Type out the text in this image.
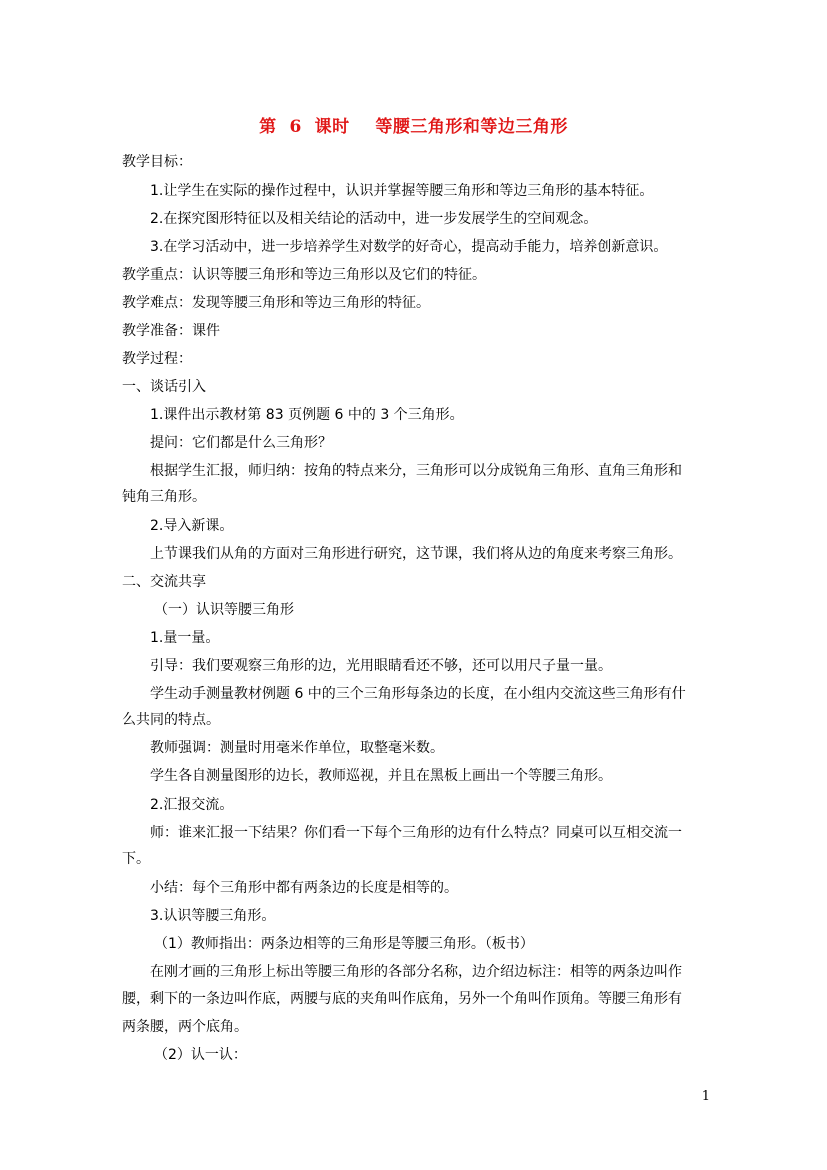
第  6  课时    等腰三角形和等边三角形
教学目标：
1.让学生在实际的操作过程中，认识并掌握等腰三角形和等边三角形的基本特征。
2.在探究图形特征以及相关结论的活动中，进一步发展学生的空间观念。
3.在学习活动中，进一步培养学生对数学的好奇心，提高动手能力，培养创新意识。
教学重点：认识等腰三角形和等边三角形以及它们的特征。
教学难点：发现等腰三角形和等边三角形的特征。
教学准备：课件
教学过程：
一、谈话引入
1.课件出示教材第 83 页例题 6 中的 3 个三角形。
提问：它们都是什么三角形？
根据学生汇报，师归纳：按角的特点来分，三角形可以分成锐角三角形、直角三角形和
钝角三角形。
2.导入新课。
上节课我们从角的方面对三角形进行研究，这节课，我们将从边的角度来考察三角形。
二、交流共享
（一）认识等腰三角形
1.量一量。
引导：我们要观察三角形的边，光用眼睛看还不够，还可以用尺子量一量。
学生动手测量教材例题 6 中的三个三角形每条边的长度，在小组内交流这些三角形有什
么共同的特点。
教师强调：测量时用毫米作单位，取整毫米数。
学生各自测量图形的边长，教师巡视，并且在黑板上画出一个等腰三角形。
2.汇报交流。
师：谁来汇报一下结果？你们看一下每个三角形的边有什么特点？同桌可以互相交流一
下。
小结：每个三角形中都有两条边的长度是相等的。
3.认识等腰三角形。
（1）教师指出：两条边相等的三角形是等腰三角形。（板书）
在刚才画的三角形上标出等腰三角形的各部分名称，边介绍边标注：相等的两条边叫作
腰，剩下的一条边叫作底，两腰与底的夹角叫作底角，另外一个角叫作顶角。等腰三角形有
两条腰，两个底角。
（2）认一认：
1
